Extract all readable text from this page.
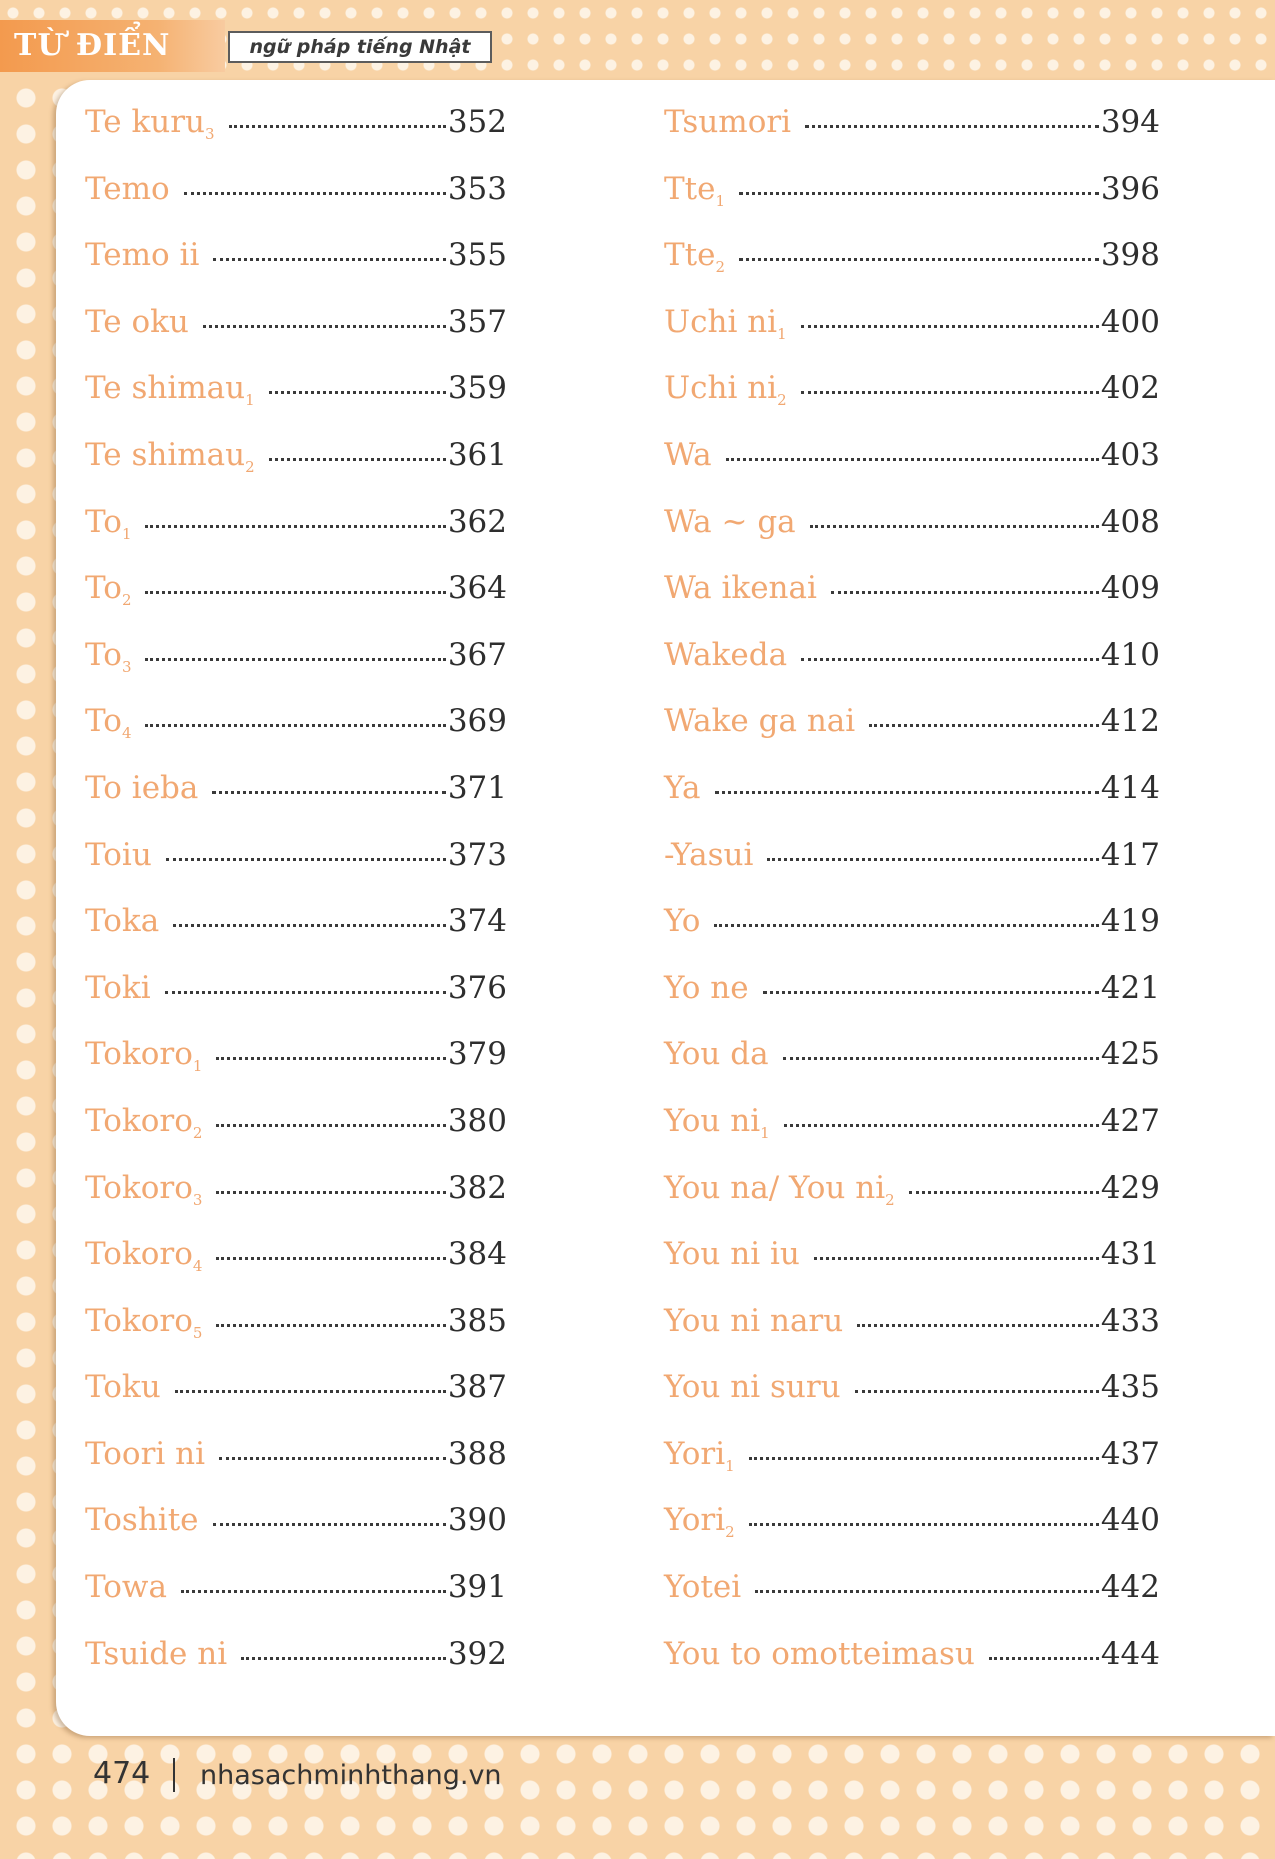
TỪ ĐIỂN	ngữ pháp tiếng Nhật
Te kuru$_3$	352
Temo	353
Temo ii	355
Te oku	357
Te shimau$_1$	359
Te shimau$_2$	361
$To_1$	362
$To_2$	364
$To_3$	367
$To_4$	369
To ieba	371
Toiu	373
Toka	374
Toki	376
Tokoro$_1$	379
Tokoro$_2$	380
Tokoro$_3$	382
Tokoro$_4$	384
Tokoro$_5$	385
Toku	387
Toori ni	388
Toshite	390
Towa	391
Tsuide ni	392
Tsumori	394
Tte$_1$	396
Tte$_2$	398
Uchi $ni_1$	400
Uchi $ni_2$	402
Wa	403
Wa ~ ga	408
Wa ikenai	409
Wakeda	410
Wake ga nai	412
Ya	414
-Yasui	417
Yo	419
Yo ne	421
You da	425
You $ni_1$	427
You na/ You $ni_2$	429
You ni iu	431
You ni naru	433
You ni suru	435
Yori$_1$	437
Yori$_2$	440
Yotei	442
You to omotteimasu	444
474 nhasachminhthang.vn
